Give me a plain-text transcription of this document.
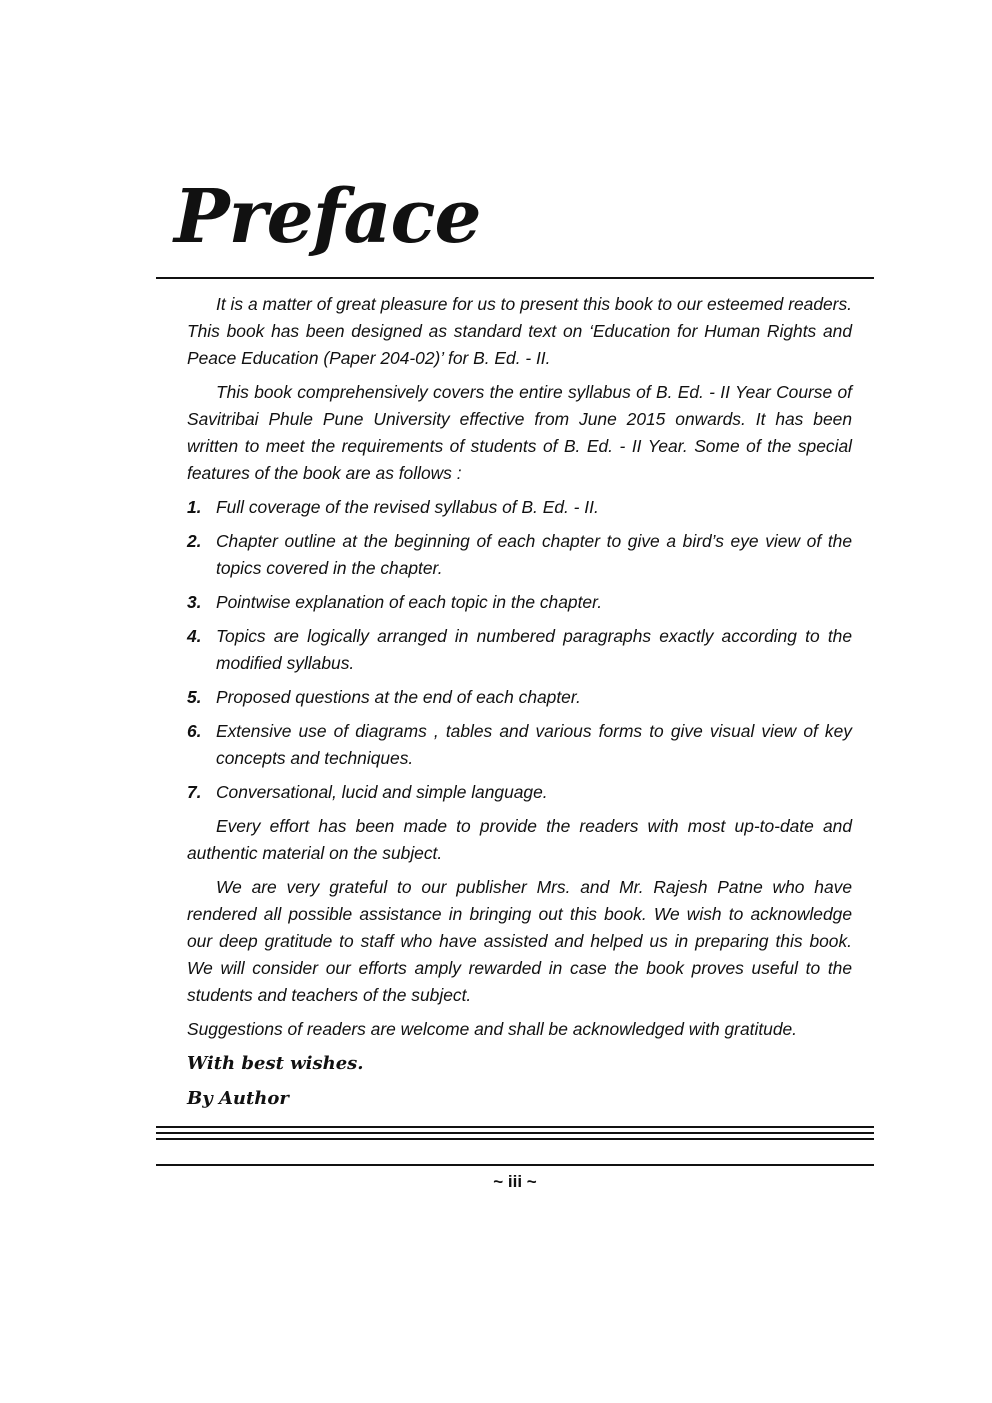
Preface

It is a matter of great pleasure for us to present this book to our esteemed readers. This book has been designed as standard text on ‘Education for Human Rights and Peace Education (Paper 204-02)’ for B. Ed. - II.

This book comprehensively covers the entire syllabus of B. Ed. - II Year Course of Savitribai Phule Pune University effective from June 2015 onwards. It has been written to meet the requirements of students of B. Ed. - II Year. Some of the special features of the book are as follows :

1. Full coverage of the revised syllabus of B. Ed. - II.
2. Chapter outline at the beginning of each chapter to give a bird’s eye view of the topics covered in the chapter.
3. Pointwise explanation of each topic in the chapter.
4. Topics are logically arranged in numbered paragraphs exactly according to the modified syllabus.
5. Proposed questions at the end of each chapter.
6. Extensive use of diagrams , tables and various forms to give visual view of key concepts and techniques.
7. Conversational, lucid and simple language.

Every effort has been made to provide the readers with most up-to-date and authentic material on the subject.

We are very grateful to our publisher Mrs. and Mr. Rajesh Patne who have rendered all possible assistance in bringing out this book. We wish to acknowledge our deep gratitude to staff who have assisted and helped us in preparing this book. We will consider our efforts amply rewarded in case the book proves useful to the students and teachers of the subject.

Suggestions of readers are welcome and shall be acknowledged with gratitude.

With best wishes.

By Author

~ iii ~
